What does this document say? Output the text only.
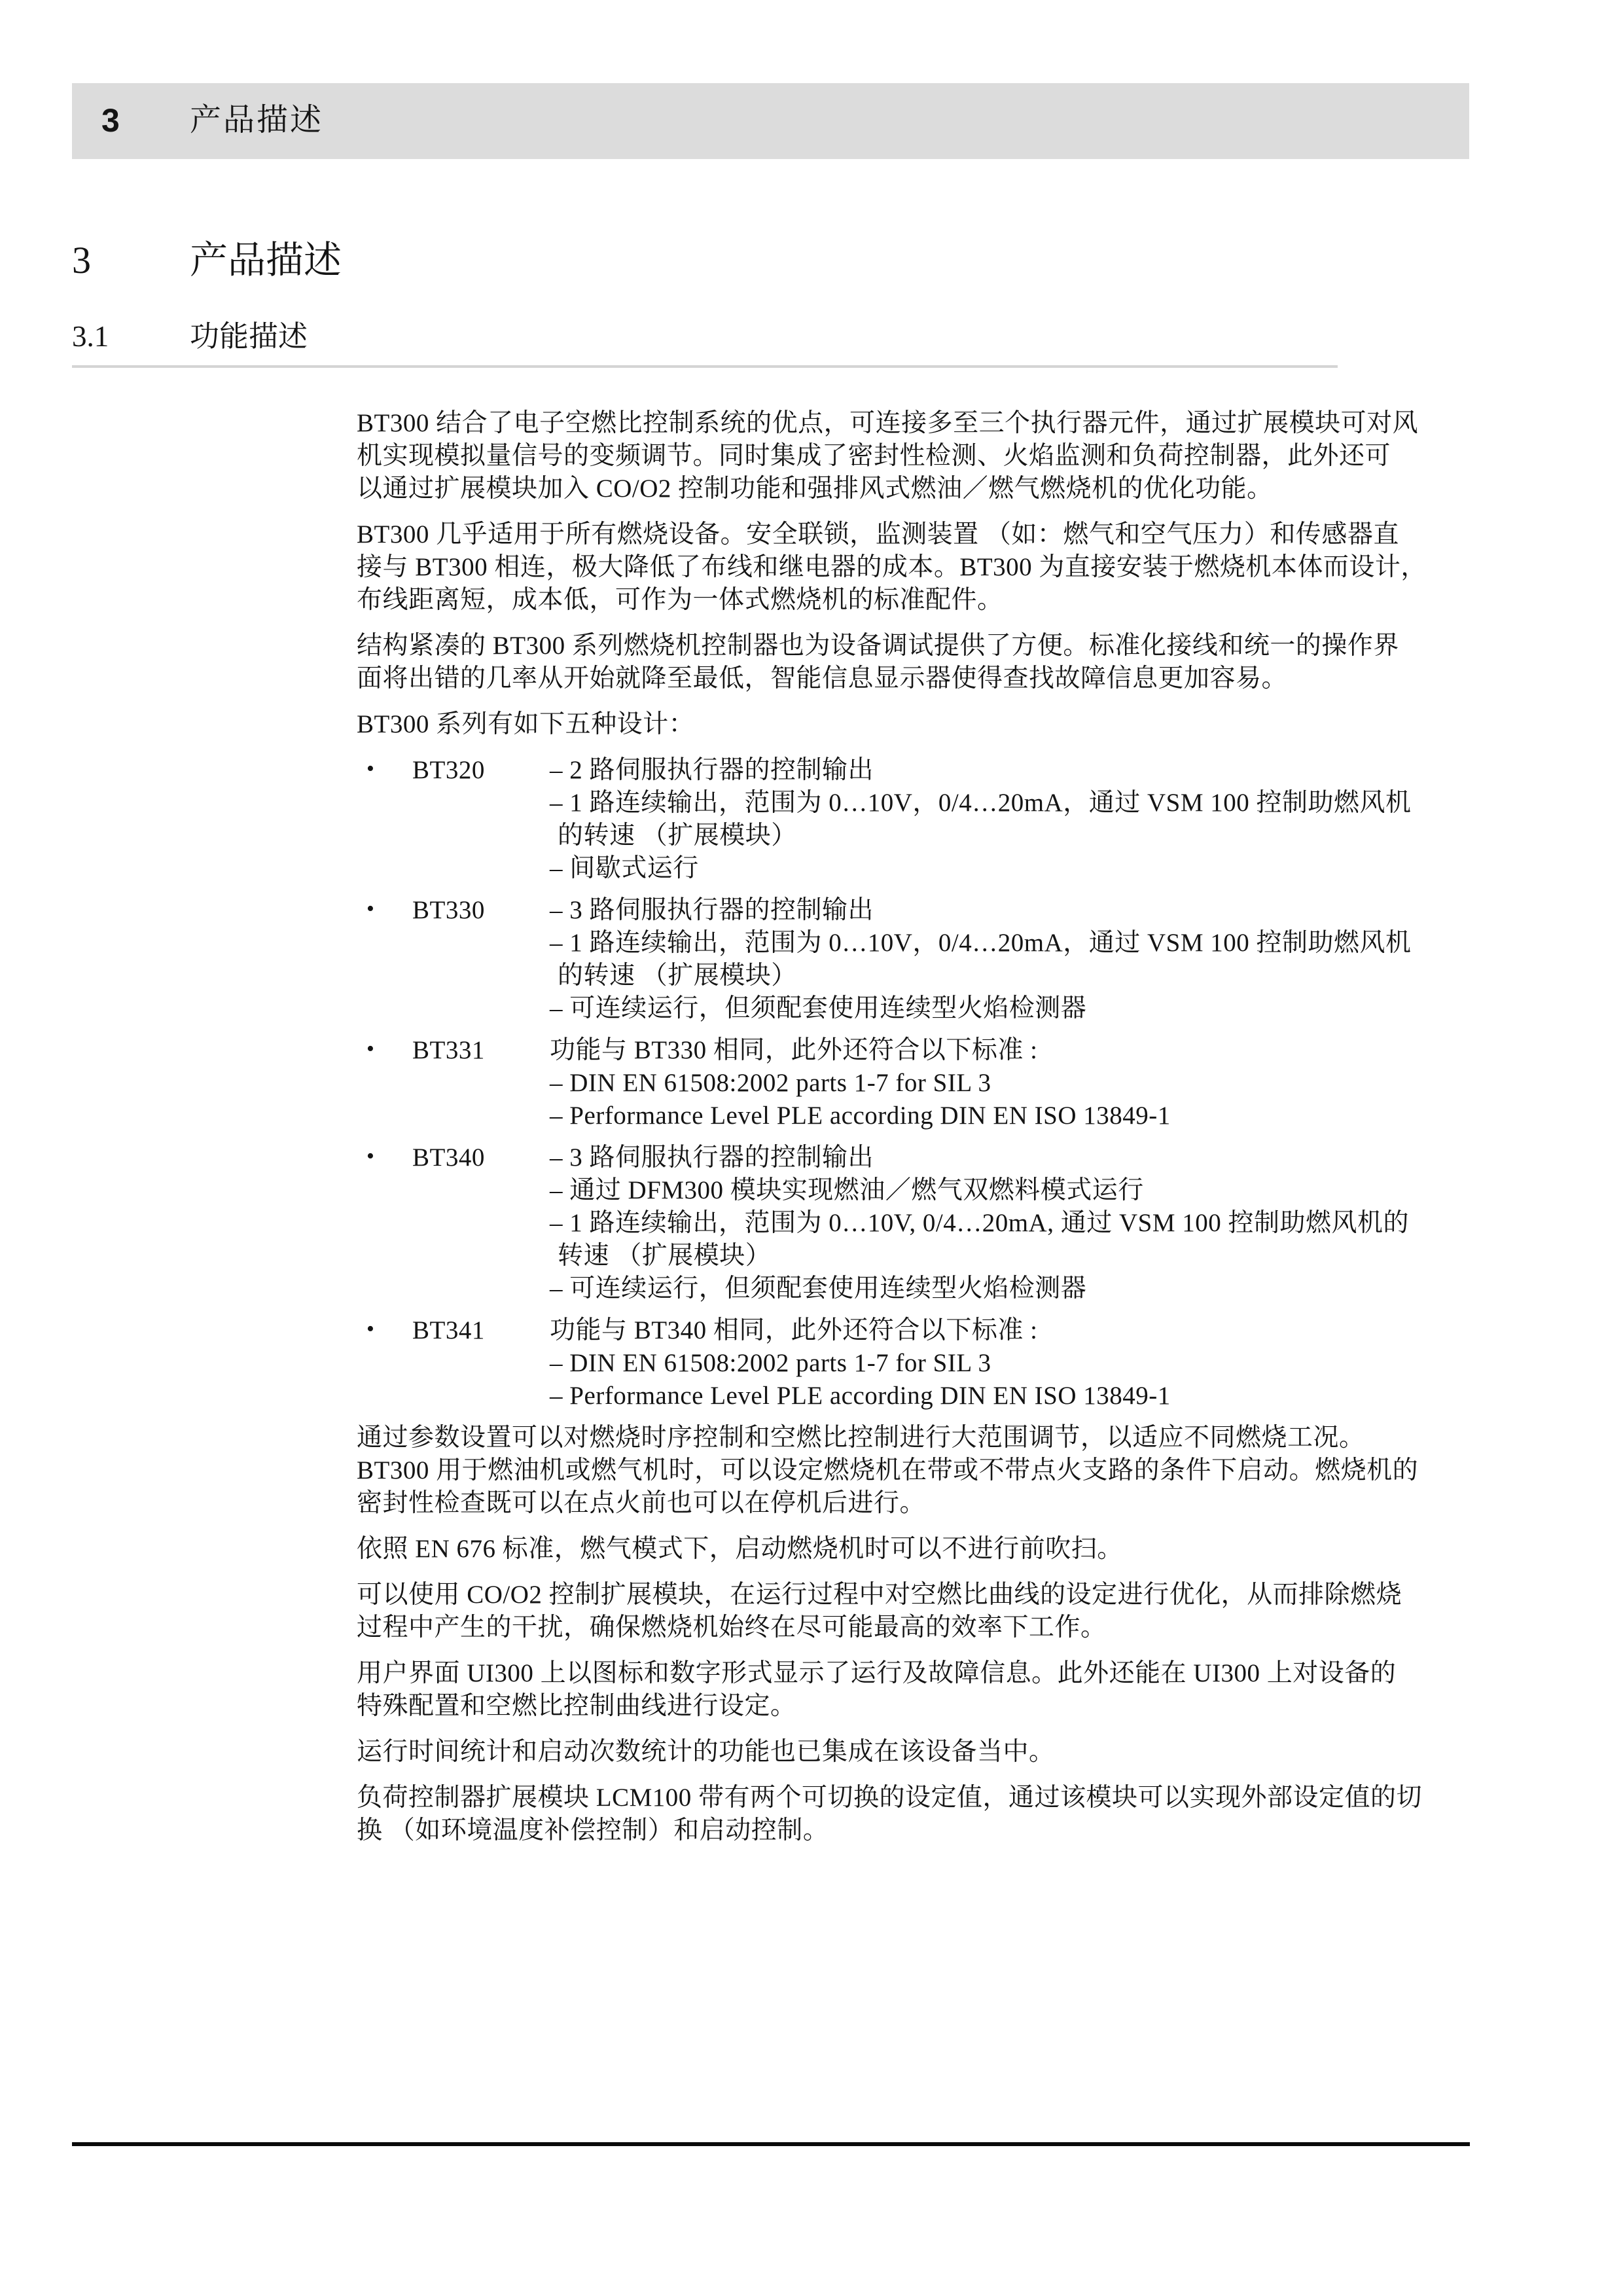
3 产品描述
3	产品描述
3.1	功能描述

BT300 结合了电子空燃比控制系统的优点，可连接多至三个执行器元件，通过扩展模块可对风
机实现模拟量信号的变频调节。同时集成了密封性检测、火焰监测和负荷控制器，此外还可
以通过扩展模块加入 CO/O2 控制功能和强排风式燃油／燃气燃烧机的优化功能。

BT300 几乎适用于所有燃烧设备。安全联锁，监测装置 （如：燃气和空气压力）和传感器直
接与 BT300 相连，极大降低了布线和继电器的成本。BT300 为直接安装于燃烧机本体而设计，
布线距离短，成本低，可作为一体式燃烧机的标准配件。

结构紧凑的 BT300 系列燃烧机控制器也为设备调试提供了方便。标准化接线和统一的操作界
面将出错的几率从开始就降至最低，智能信息显示器使得查找故障信息更加容易。

BT300 系列有如下五种设计：

• BT320	– 2 路伺服执行器的控制输出
– 1 路连续输出，范围为 0…10V，0/4…20mA，通过 VSM 100 控制助燃风机
的转速 （扩展模块）
– 间歇式运行
• BT330	– 3 路伺服执行器的控制输出
– 1 路连续输出，范围为 0…10V，0/4…20mA，通过 VSM 100 控制助燃风机
的转速 （扩展模块）
– 可连续运行，但须配套使用连续型火焰检测器
• BT331	功能与 BT330 相同，此外还符合以下标准 :
– DIN EN 61508:2002 parts 1-7 for SIL 3
– Performance Level PLE according DIN EN ISO 13849-1
• BT340	– 3 路伺服执行器的控制输出
– 通过 DFM300 模块实现燃油／燃气双燃料模式运行
– 1 路连续输出，范围为 0…10V, 0/4…20mA, 通过 VSM 100 控制助燃风机的
转速 （扩展模块）
– 可连续运行，但须配套使用连续型火焰检测器
• BT341	功能与 BT340 相同，此外还符合以下标准 :
– DIN EN 61508:2002 parts 1-7 for SIL 3
– Performance Level PLE according DIN EN ISO 13849-1

通过参数设置可以对燃烧时序控制和空燃比控制进行大范围调节，以适应不同燃烧工况。
BT300 用于燃油机或燃气机时，可以设定燃烧机在带或不带点火支路的条件下启动。燃烧机的
密封性检查既可以在点火前也可以在停机后进行。

依照 EN 676 标准，燃气模式下，启动燃烧机时可以不进行前吹扫。

可以使用 CO/O2 控制扩展模块，在运行过程中对空燃比曲线的设定进行优化，从而排除燃烧
过程中产生的干扰，确保燃烧机始终在尽可能最高的效率下工作。

用户界面 UI300 上以图标和数字形式显示了运行及故障信息。此外还能在 UI300 上对设备的
特殊配置和空燃比控制曲线进行设定。

运行时间统计和启动次数统计的功能也已集成在该设备当中。

负荷控制器扩展模块 LCM100 带有两个可切换的设定值，通过该模块可以实现外部设定值的切
换 （如环境温度补偿控制）和启动控制。
